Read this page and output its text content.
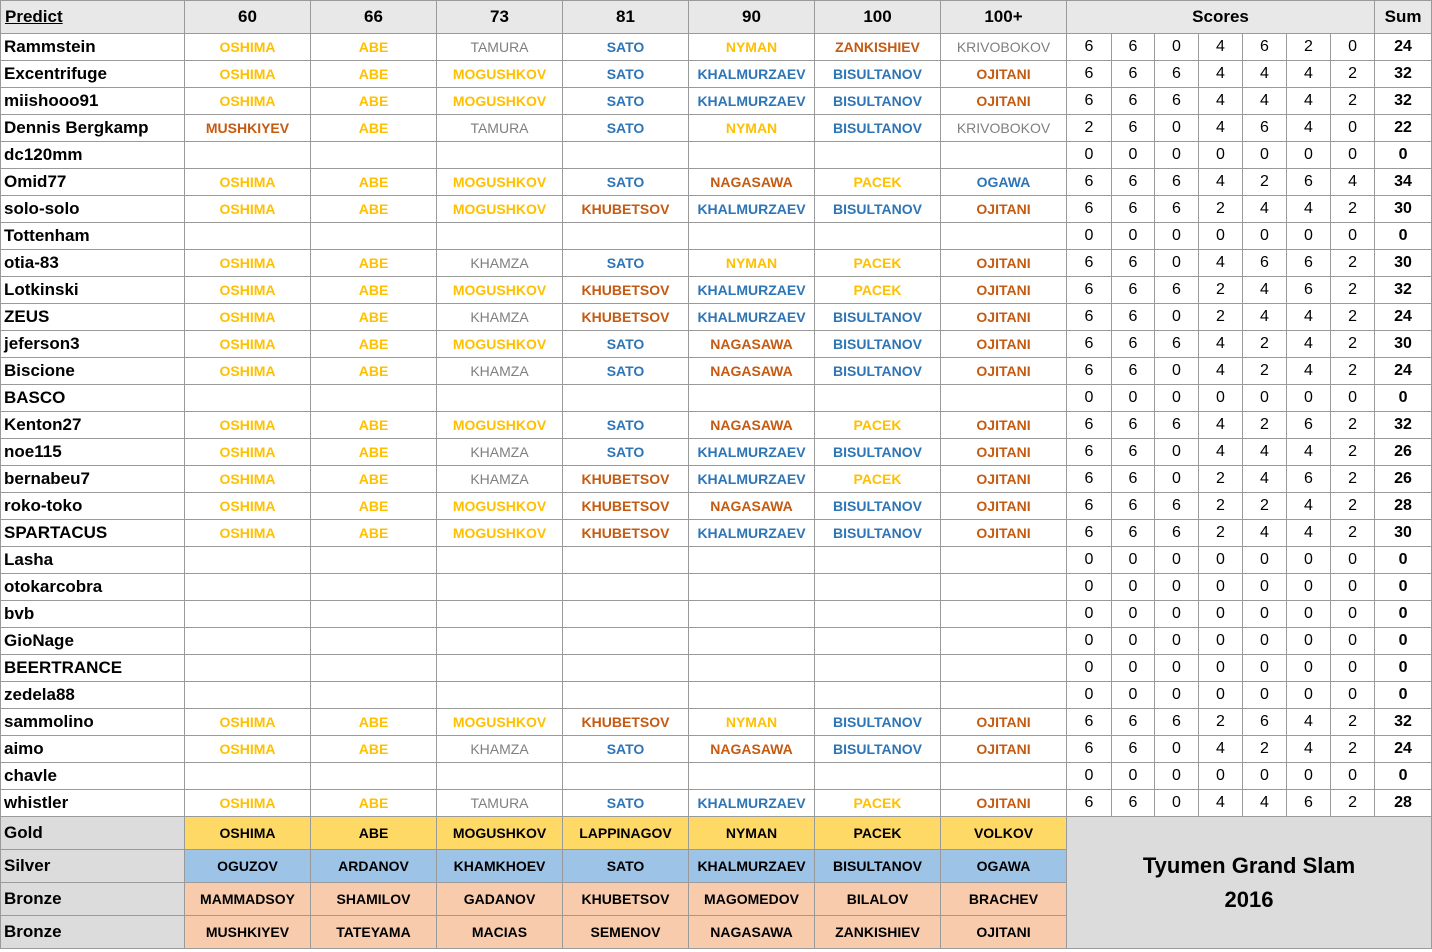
Predict	60	66	73	81	90	100	100+	Scores							Sum
Rammstein	OSHIMA	ABE	TAMURA	SATO	NYMAN	ZANKISHIEV	KRIVOBOKOV	6	6	0	4	6	2	0	24
Excentrifuge	OSHIMA	ABE	MOGUSHKOV	SATO	KHALMURZAEV	BISULTANOV	OJITANI	6	6	6	4	4	4	2	32
miishooo91	OSHIMA	ABE	MOGUSHKOV	SATO	KHALMURZAEV	BISULTANOV	OJITANI	6	6	6	4	4	4	2	32
Dennis Bergkamp	MUSHKIYEV	ABE	TAMURA	SATO	NYMAN	BISULTANOV	KRIVOBOKOV	2	6	0	4	6	4	0	22
dc120mm								0	0	0	0	0	0	0	0
Omid77	OSHIMA	ABE	MOGUSHKOV	SATO	NAGASAWA	PACEK	OGAWA	6	6	6	4	2	6	4	34
solo-solo	OSHIMA	ABE	MOGUSHKOV	KHUBETSOV	KHALMURZAEV	BISULTANOV	OJITANI	6	6	6	2	4	4	2	30
Tottenham								0	0	0	0	0	0	0	0
otia-83	OSHIMA	ABE	KHAMZA	SATO	NYMAN	PACEK	OJITANI	6	6	0	4	6	6	2	30
Lotkinski	OSHIMA	ABE	MOGUSHKOV	KHUBETSOV	KHALMURZAEV	PACEK	OJITANI	6	6	6	2	4	6	2	32
ZEUS	OSHIMA	ABE	KHAMZA	KHUBETSOV	KHALMURZAEV	BISULTANOV	OJITANI	6	6	0	2	4	4	2	24
jeferson3	OSHIMA	ABE	MOGUSHKOV	SATO	NAGASAWA	BISULTANOV	OJITANI	6	6	6	4	2	4	2	30
Biscione	OSHIMA	ABE	KHAMZA	SATO	NAGASAWA	BISULTANOV	OJITANI	6	6	0	4	2	4	2	24
BASCO								0	0	0	0	0	0	0	0
Kenton27	OSHIMA	ABE	MOGUSHKOV	SATO	NAGASAWA	PACEK	OJITANI	6	6	6	4	2	6	2	32
noe115	OSHIMA	ABE	KHAMZA	SATO	KHALMURZAEV	BISULTANOV	OJITANI	6	6	0	4	4	4	2	26
bernabeu7	OSHIMA	ABE	KHAMZA	KHUBETSOV	KHALMURZAEV	PACEK	OJITANI	6	6	0	2	4	6	2	26
roko-toko	OSHIMA	ABE	MOGUSHKOV	KHUBETSOV	NAGASAWA	BISULTANOV	OJITANI	6	6	6	2	2	4	2	28
SPARTACUS	OSHIMA	ABE	MOGUSHKOV	KHUBETSOV	KHALMURZAEV	BISULTANOV	OJITANI	6	6	6	2	4	4	2	30
Lasha								0	0	0	0	0	0	0	0
otokarcobra								0	0	0	0	0	0	0	0
bvb								0	0	0	0	0	0	0	0
GioNage								0	0	0	0	0	0	0	0
BEERTRANCE								0	0	0	0	0	0	0	0
zedela88								0	0	0	0	0	0	0	0
sammolino	OSHIMA	ABE	MOGUSHKOV	KHUBETSOV	NYMAN	BISULTANOV	OJITANI	6	6	6	2	6	4	2	32
aimo	OSHIMA	ABE	KHAMZA	SATO	NAGASAWA	BISULTANOV	OJITANI	6	6	0	4	2	4	2	24
chavle								0	0	0	0	0	0	0	0
whistler	OSHIMA	ABE	TAMURA	SATO	KHALMURZAEV	PACEK	OJITANI	6	6	0	4	4	6	2	28
Gold	OSHIMA	ABE	MOGUSHKOV	LAPPINAGOV	NYMAN	PACEK	VOLKOV	Tyumen Grand Slam
2016							

Silver	OGUZOV	ARDANOV	KHAMKHOEV	SATO	KHALMURZAEV	BISULTANOV	OGAWA								
Bronze	MAMMADSOY	SHAMILOV	GADANOV	KHUBETSOV	MAGOMEDOV	BILALOV	BRACHEV								
Bronze	MUSHKIYEV	TATEYAMA	MACIAS	SEMENOV	NAGASAWA	ZANKISHIEV	OJITANI								
